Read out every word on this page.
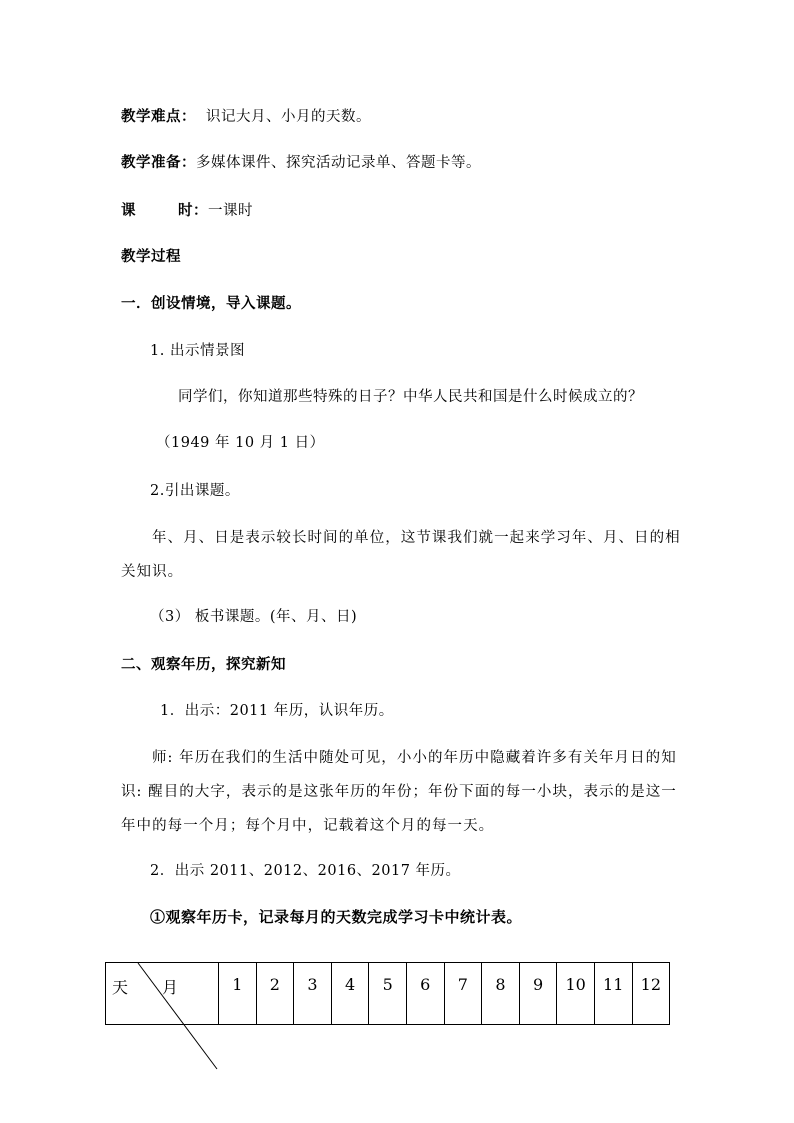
教学难点： 识记大月、小月的天数。
教学准备：多媒体课件、探究活动记录单、答题卡等。
课	时：一课时
教学过程
一．创设情境，导入课题。
1. 出示情景图
同学们，你知道那些特殊的日子？中华人民共和国是什么时候成立的？
（1949 年 10 月 1 日）
2.引出课题。
年、月、日是表示较长时间的单位，这节课我们就一起来学习年、月、日的相关知识。
（3） 板书课题。(年、月、日)
二、观察年历，探究新知
1．出示：2011 年历，认识年历。
师: 年历在我们的生活中随处可见，小小的年历中隐藏着许多有关年月日的知识: 醒目的大字，表示的是这张年历的年份；年份下面的每一小块，表示的是这一年中的每一个月；每个月中，记载着这个月的每一天。
2．出示 2011、2012、2016、2017 年历。
①观察年历卡，记录每月的天数完成学习卡中统计表。
天 月	1	2	3	4	5	6	7	8	9	10	11	12
